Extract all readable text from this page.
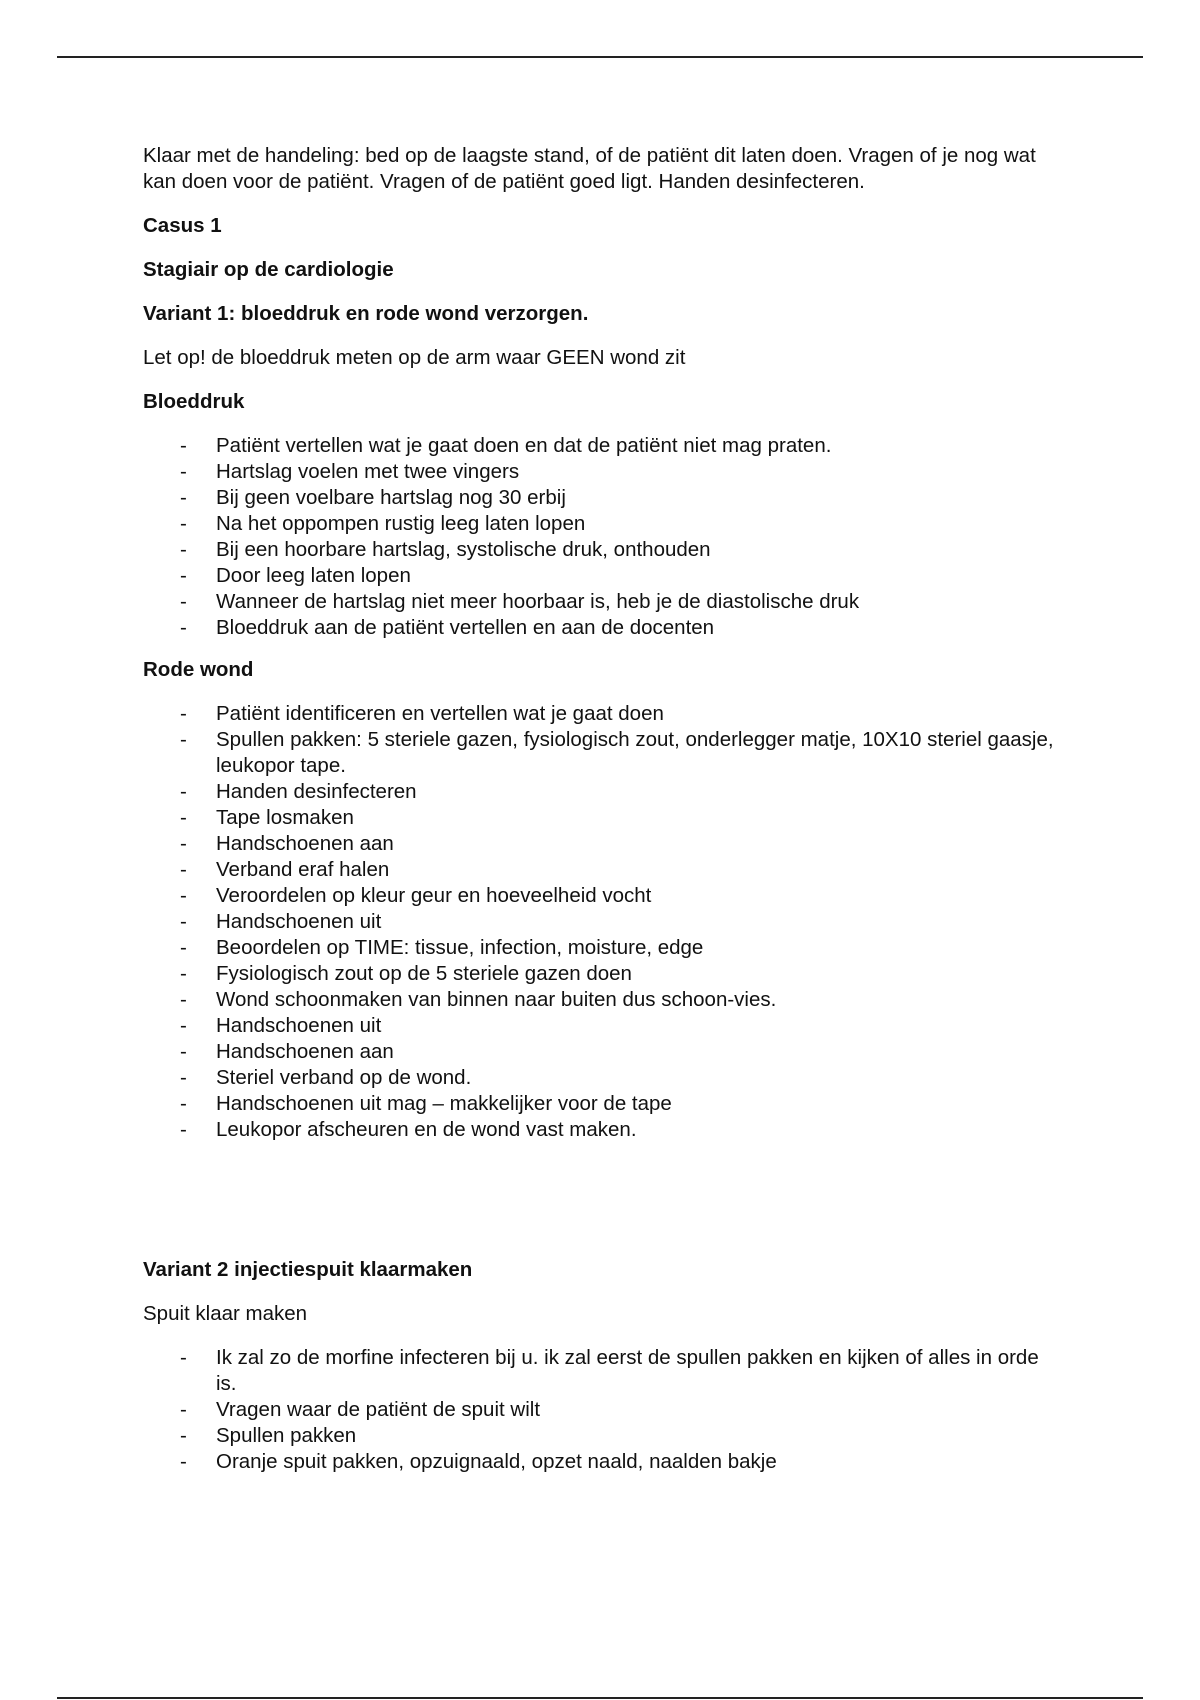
Klaar met de handeling: bed op de laagste stand, of de patiënt dit laten doen. Vragen of je nog wat kan doen voor de patiënt. Vragen of de patiënt goed ligt. Handen desinfecteren.

Casus 1

Stagiair op de cardiologie

Variant 1: bloeddruk en rode wond verzorgen.

Let op! de bloeddruk meten op de arm waar GEEN wond zit

Bloeddruk

- Patiënt vertellen wat je gaat doen en dat de patiënt niet mag praten.
- Hartslag voelen met twee vingers
- Bij geen voelbare hartslag nog 30 erbij
- Na het oppompen rustig leeg laten lopen
- Bij een hoorbare hartslag, systolische druk, onthouden
- Door leeg laten lopen
- Wanneer de hartslag niet meer hoorbaar is, heb je de diastolische druk
- Bloeddruk aan de patiënt vertellen en aan de docenten

Rode wond

- Patiënt identificeren en vertellen wat je gaat doen
- Spullen pakken: 5 steriele gazen, fysiologisch zout, onderlegger matje, 10X10 steriel gaasje, leukopor tape.
- Handen desinfecteren
- Tape losmaken
- Handschoenen aan
- Verband eraf halen
- Veroordelen op kleur geur en hoeveelheid vocht
- Handschoenen uit
- Beoordelen op TIME: tissue, infection, moisture, edge
- Fysiologisch zout op de 5 steriele gazen doen
- Wond schoonmaken van binnen naar buiten dus schoon-vies.
- Handschoenen uit
- Handschoenen aan
- Steriel verband op de wond.
- Handschoenen uit mag – makkelijker voor de tape
- Leukopor afscheuren en de wond vast maken.

Variant 2 injectiespuit klaarmaken

Spuit klaar maken

- Ik zal zo de morfine infecteren bij u. ik zal eerst de spullen pakken en kijken of alles in orde is.
- Vragen waar de patiënt de spuit wilt
- Spullen pakken
- Oranje spuit pakken, opzuignaald, opzet naald, naalden bakje
